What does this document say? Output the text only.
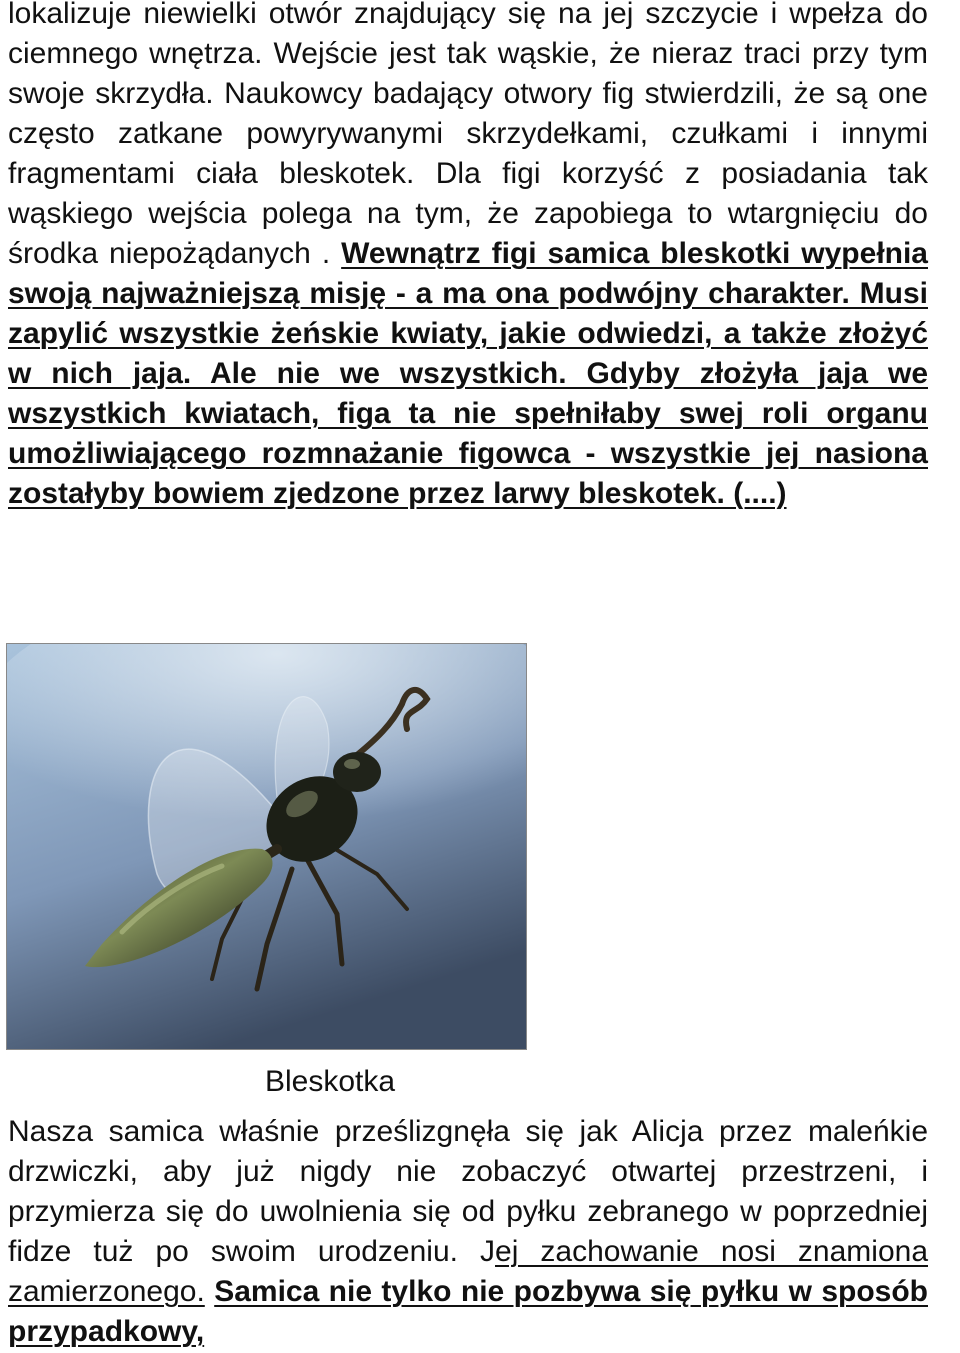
lokalizuje niewielki otwór znajdujący się na jej szczycie i wpełza do ciemnego wnętrza. Wejście jest tak wąskie, że nieraz traci przy tym swoje skrzydła. Naukowcy badający otwory fig stwierdzili, że są one często zatkane powyrywanymi skrzydełkami, czułkami i innymi fragmentami ciała bleskotek. Dla figi korzyść z posiadania tak wąskiego wejścia polega na tym, że zapobiega to wtargnięciu do środka niepożądanych . Wewnątrz figi samica bleskotki wypełnia swoją najważniejszą misję - a ma ona podwójny charakter. Musi zapylić wszystkie żeńskie kwiaty, jakie odwiedzi, a także złożyć w nich jaja. Ale nie we wszystkich. Gdyby złożyła jaja we wszystkich kwiatach, figa ta nie spełniłaby swej roli organu umożliwiającego rozmnażanie figowca - wszystkie jej nasiona zostałyby bowiem zjedzone przez larwy bleskotek. (....)

Bleskotka

Nasza samica właśnie prześlizgnęła się jak Alicja przez maleńkie drzwiczki, aby już nigdy nie zobaczyć otwartej przestrzeni, i przymierza się do uwolnienia się od pyłku zebranego w poprzedniej fidze tuż po swoim urodzeniu. Jej zachowanie nosi znamiona zamierzonego. Samica nie tylko nie pozbywa się pyłku w sposób przypadkowy,
